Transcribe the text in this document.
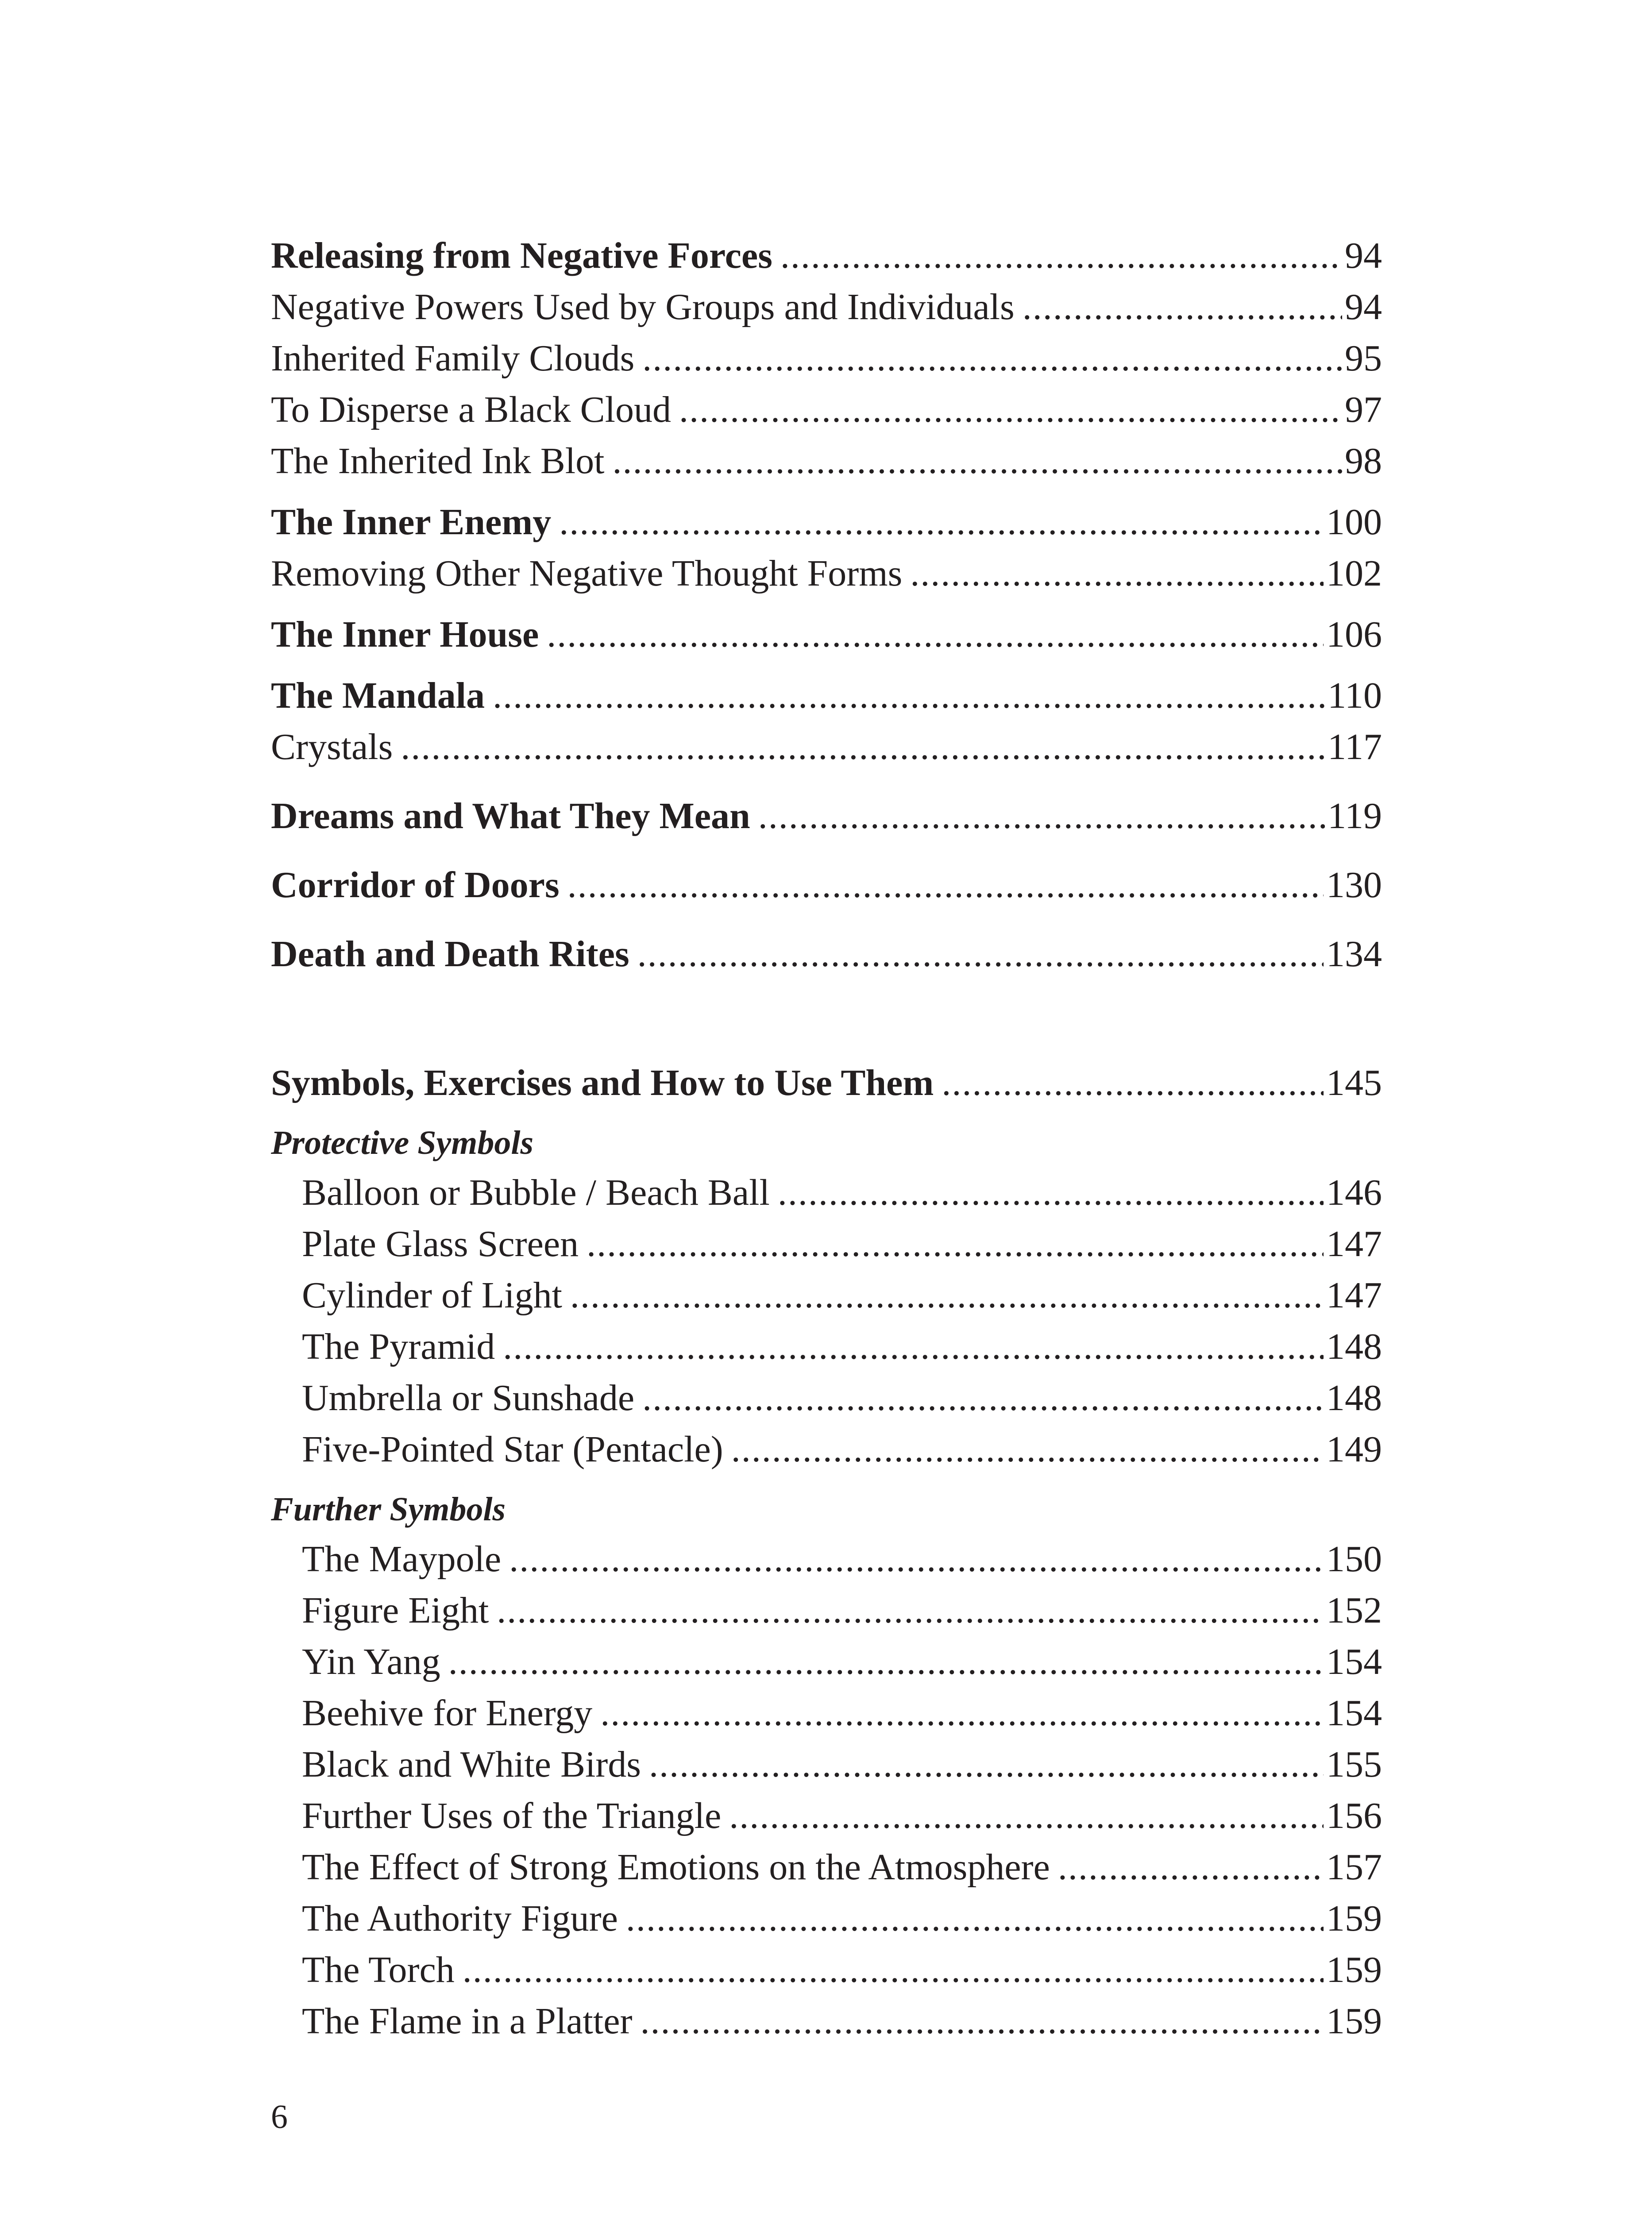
Releasing from Negative Forces .....	94
Negative Powers Used by Groups and Individuals .....	94
Inherited Family Clouds .....	95
To Disperse a Black Cloud .....	97
The Inherited Ink Blot .....	98
The Inner Enemy .....	100
Removing Other Negative Thought Forms .....	102
The Inner House .....	106
The Mandala .....	110
Crystals .....	117
Dreams and What They Mean .....	119
Corridor of Doors .....	130
Death and Death Rites .....	134
Symbols, Exercises and How to Use Them .....	145
Protective Symbols
Balloon or Bubble / Beach Ball .....	146
Plate Glass Screen .....	147
Cylinder of Light .....	147
The Pyramid .....	148
Umbrella or Sunshade .....	148
Five-Pointed Star (Pentacle) .....	149
Further Symbols
The Maypole .....	150
Figure Eight .....	152
Yin Yang .....	154
Beehive for Energy .....	154
Black and White Birds .....	155
Further Uses of the Triangle .....	156
The Effect of Strong Emotions on the Atmosphere .....	157
The Authority Figure .....	159
The Torch .....	159
The Flame in a Platter .....	159
6
